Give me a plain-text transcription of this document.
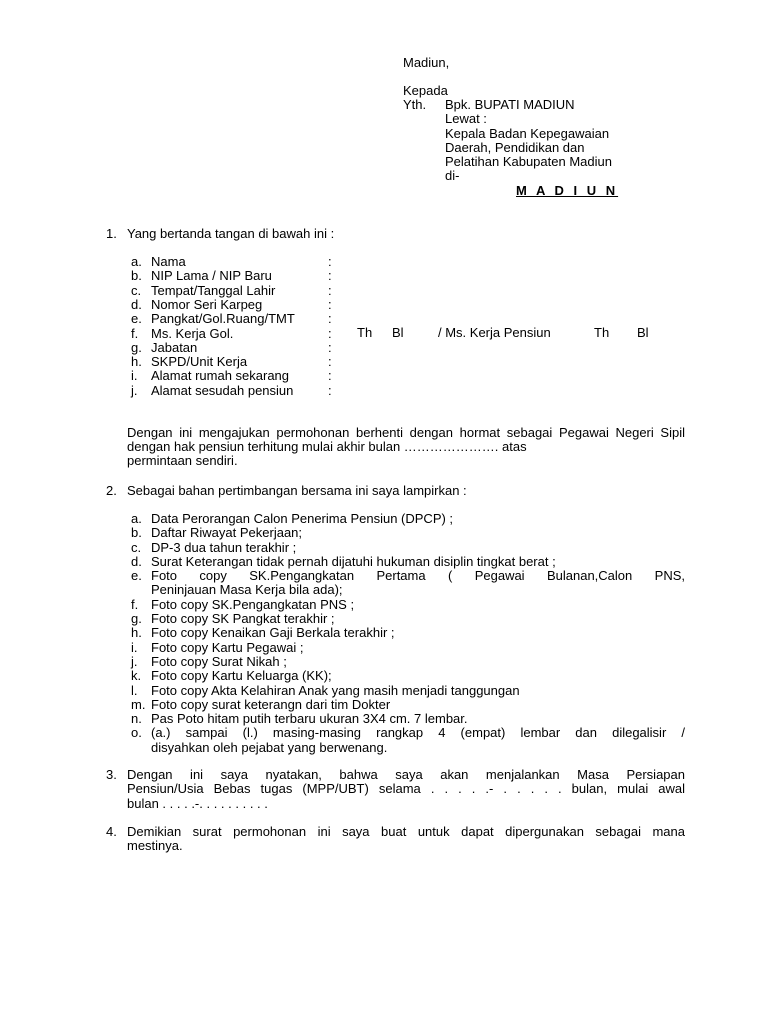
Madiun,
Kepada
Yth. Bpk. BUPATI MADIUN
Lewat :
Kepala Badan Kepegawaian
Daerah, Pendidikan dan
Pelatihan Kabupaten Madiun
di-
M A D I U N
1. Yang bertanda tangan di bawah ini :
a. Nama	:
b. NIP Lama / NIP Baru	:
c. Tempat/Tanggal Lahir	:
d. Nomor Seri Karpeg	:
e. Pangkat/Gol.Ruang/TMT	:
f. Ms. Kerja Gol.	:
g. Jabatan	:
h. SKPD/Unit Kerja	:
i. Alamat rumah sekarang	:
j. Alamat sesudah pensiun	:
Th Bl	/ Ms. Kerja Pensiun	Th Bl
Dengan ini mengajukan permohonan berhenti dengan hormat sebagai Pegawai Negeri Sipil dengan hak pensiun terhitung mulai akhir bulan …………………. atas
permintaan sendiri.
2. Sebagai bahan pertimbangan bersama ini saya lampirkan :
a. Data Perorangan Calon Penerima Pensiun (DPCP) ;
b. Daftar Riwayat Pekerjaan;
c. DP-3 dua tahun terakhir ;
d. Surat Keterangan tidak pernah dijatuhi hukuman disiplin tingkat berat ;
e. Foto copy SK.Pengangkatan Pertama ( Pegawai Bulanan,Calon PNS,
Peninjauan Masa Kerja bila ada);
f. Foto copy SK.Pengangkatan PNS ;
g. Foto copy SK Pangkat terakhir ;
h. Foto copy Kenaikan Gaji Berkala terakhir ;
i. Foto copy Kartu Pegawai ;
j. Foto copy Surat Nikah ;
k. Foto copy Kartu Keluarga (KK);
l. Foto copy Akta Kelahiran Anak yang masih menjadi tanggungan
m. Foto copy surat keterangn dari tim Dokter
n. Pas Poto hitam putih terbaru ukuran 3X4 cm. 7 lembar.
o. (a.) sampai (l.) masing-masing rangkap 4 (empat) lembar dan dilegalisir /
disyahkan oleh pejabat yang berwenang.
3. Dengan ini saya nyatakan, bahwa saya akan menjalankan Masa Persiapan
Pensiun/Usia Bebas tugas (MPP/UBT) selama . . . . .- . . . . . bulan, mulai awal
bulan . . . . .-. . . . . . . . . .
4. Demikian surat permohonan ini saya buat untuk dapat dipergunakan sebagai mana
mestinya.
